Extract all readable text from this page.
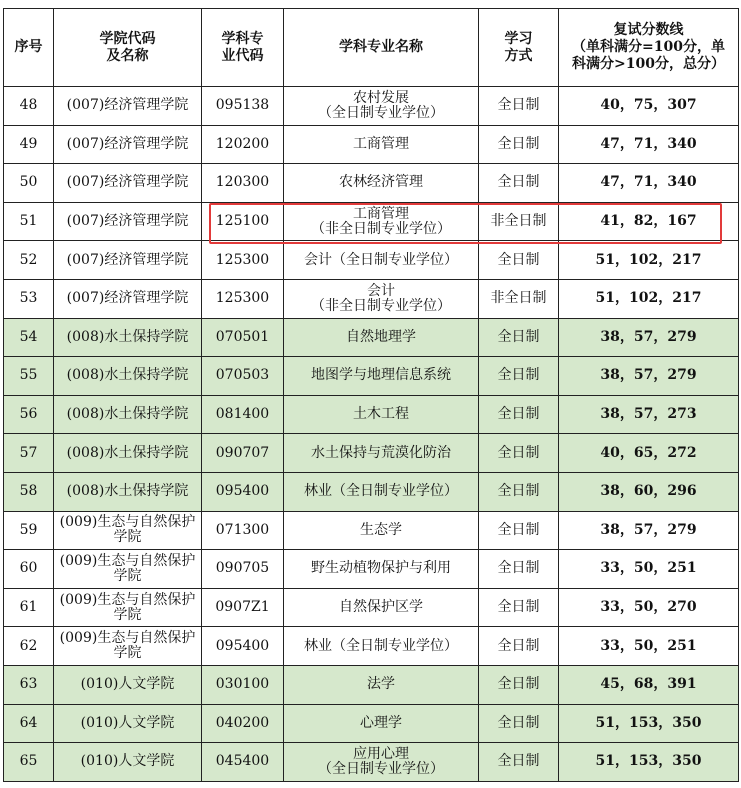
序号	学院代码
及名称	学科专
业代码	学科专业名称	学习
方式	复试分数线
（单科满分=100分，单
科满分>100分，总分）

48	(007)经济管理学院	095138	农村发展
（全日制专业学位）	全日制	40，75，307
49	(007)经济管理学院	120200	工商管理	全日制	47，71，340
50	(007)经济管理学院	120300	农林经济管理	全日制	47，71，340
51	(007)经济管理学院	125100	工商管理
（非全日制专业学位）	非全日制	41，82，167
52	(007)经济管理学院	125300	会计（全日制专业学位）	全日制	51，102，217
53	(007)经济管理学院	125300	会计
（非全日制专业学位）	非全日制	51，102，217
54	(008)水土保持学院	070501	自然地理学	全日制	38，57，279
55	(008)水土保持学院	070503	地图学与地理信息系统	全日制	38，57，279
56	(008)水土保持学院	081400	土木工程	全日制	38，57，273
57	(008)水土保持学院	090707	水土保持与荒漠化防治	全日制	40，65，272
58	(008)水土保持学院	095400	林业（全日制专业学位）	全日制	38，60，296
59	(009)生态与自然保护学院	071300	生态学	全日制	38，57，279
60	(009)生态与自然保护学院	090705	野生动植物保护与利用	全日制	33，50，251
61	(009)生态与自然保护学院	0907Z1	自然保护区学	全日制	33，50，270
62	(009)生态与自然保护学院	095400	林业（全日制专业学位）	全日制	33，50，251
63	(010)人文学院	030100	法学	全日制	45，68，391
64	(010)人文学院	040200	心理学	全日制	51，153，350
65	(010)人文学院	045400	应用心理
（全日制专业学位）	全日制	51，153，350
